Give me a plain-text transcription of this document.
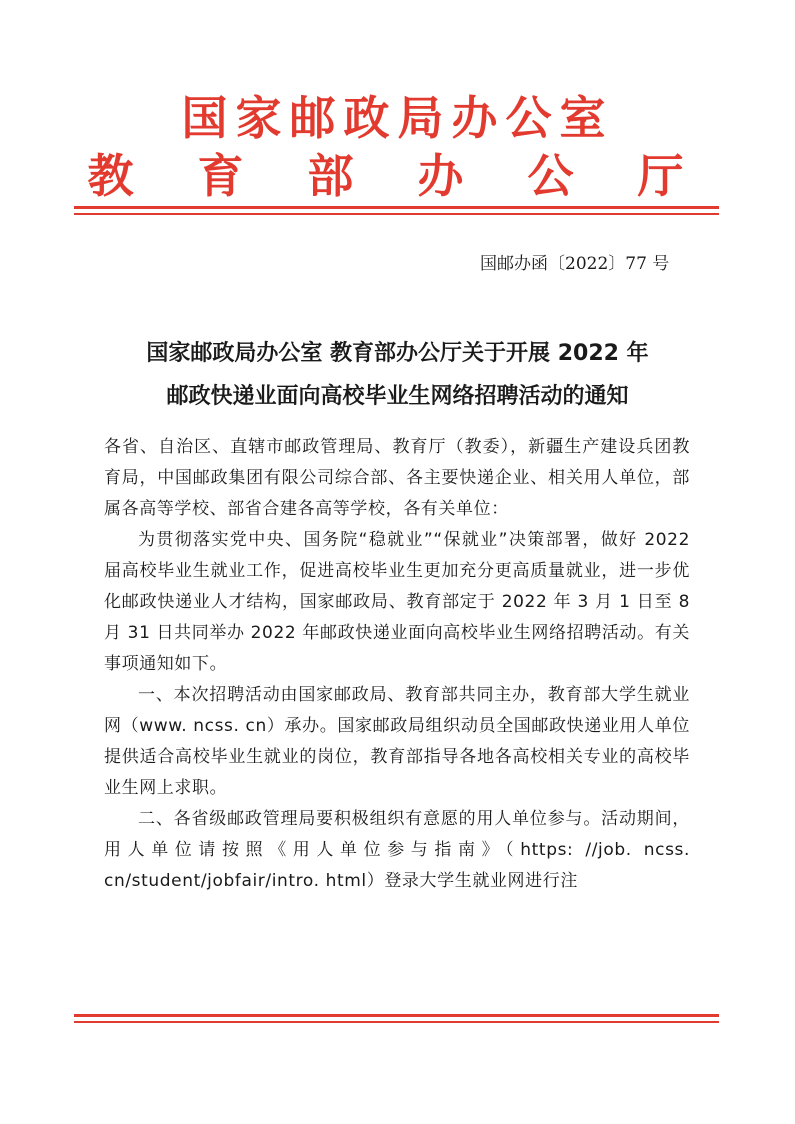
国家邮政局办公室
教 育 部 办 公 厅
国邮办函〔2022〕77 号
国家邮政局办公室 教育部办公厅关于开展 2022 年
邮政快递业面向高校毕业生网络招聘活动的通知

各省、自治区、直辖市邮政管理局、教育厅（教委），新疆生产建设兵团教育局，中国邮政集团有限公司综合部、各主要快递企业、相关用人单位，部属各高等学校、部省合建各高等学校，各有关单位：

为贯彻落实党中央、国务院“稳就业”“保就业”决策部署，做好 2022 届高校毕业生就业工作，促进高校毕业生更加充分更高质量就业，进一步优化邮政快递业人才结构，国家邮政局、教育部定于 2022 年 3 月 1 日至 8 月 31 日共同举办 2022 年邮政快递业面向高校毕业生网络招聘活动。有关事项通知如下。

一、本次招聘活动由国家邮政局、教育部共同主办，教育部大学生就业网（www. ncss. cn）承办。国家邮政局组织动员全国邮政快递业用人单位提供适合高校毕业生就业的岗位，教育部指导各地各高校相关专业的高校毕业生网上求职。

二、各省级邮政管理局要积极组织有意愿的用人单位参与。活动期间，用人单位请按照《用人单位参与指南》（https: //job. ncss. cn/student/jobfair/intro. html）登录大学生就业网进行注
